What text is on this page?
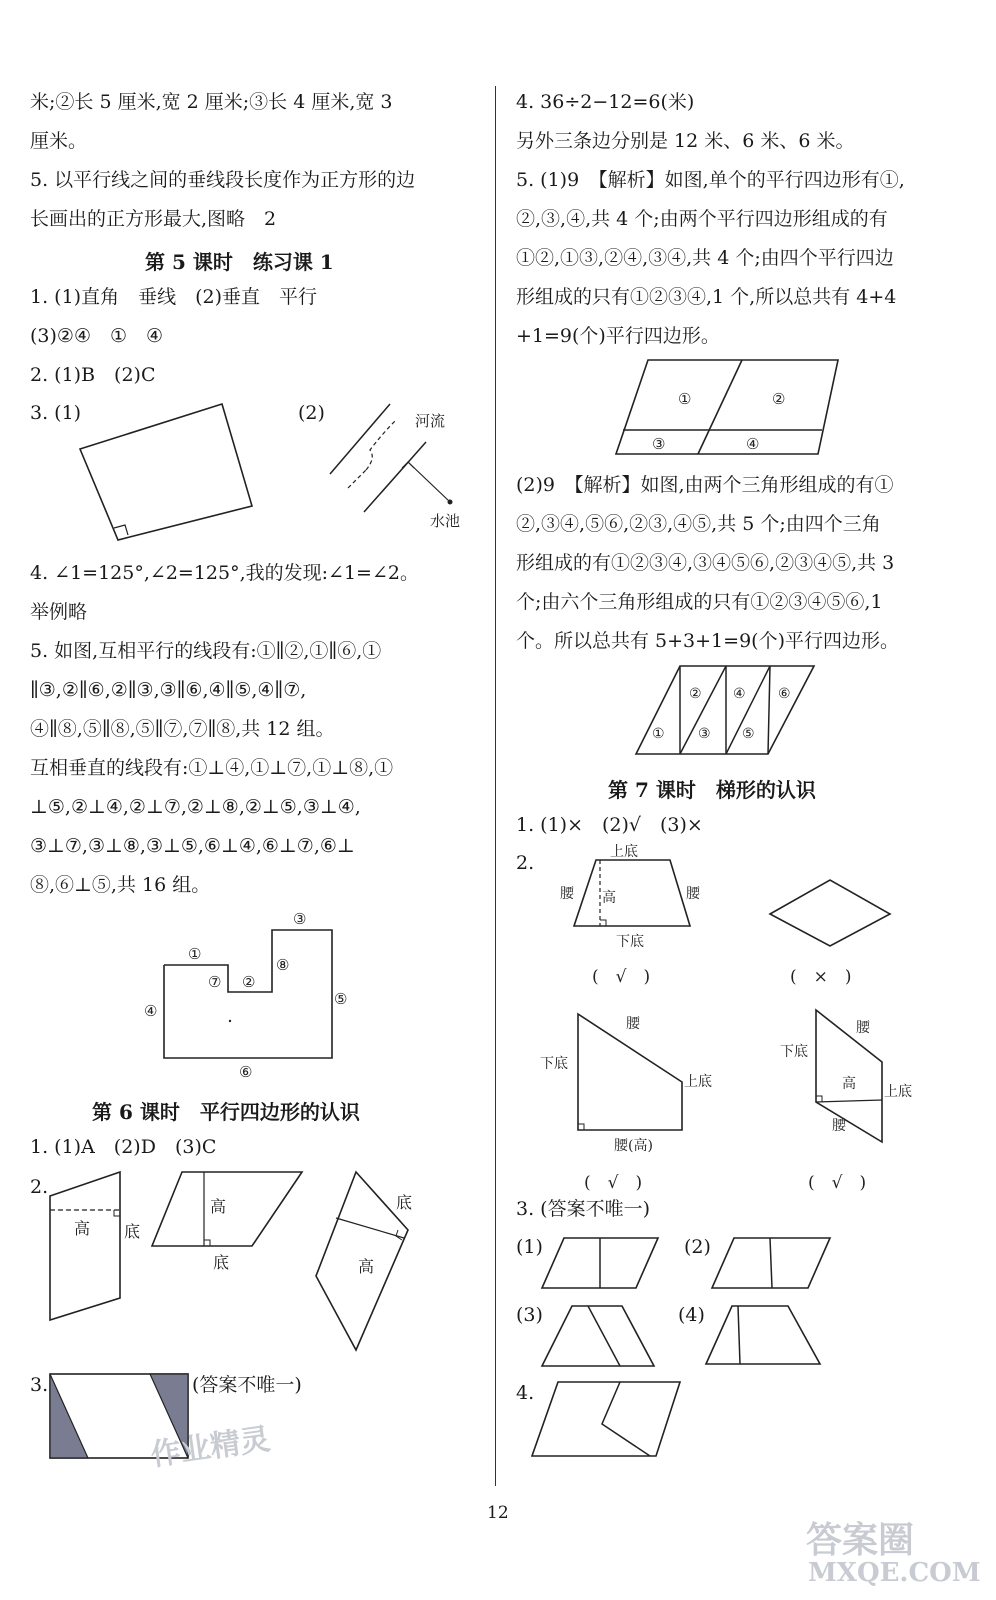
米;②长 5 厘米,宽 2 厘米;③长 4 厘米,宽 3
厘米。
5. 以平行线之间的垂线段长度作为正方形的边
长画出的正方形最大,图略　2
第 5 课时　练习课 1
1. (1)直角　垂线　(2)垂直　平行
(3)②④　①　④
2. (1)B　(2)C
3. (1)	(2)	河流
水池
4. ∠1=125°,∠2=125°,我的发现:∠1=∠2。
举例略
5. 如图,互相平行的线段有:①∥②,①∥⑥,①
∥③,②∥⑥,②∥③,③∥⑥,④∥⑤,④∥⑦,
④∥⑧,⑤∥⑧,⑤∥⑦,⑦∥⑧,共 12 组。
互相垂直的线段有:①⊥④,①⊥⑦,①⊥⑧,①
⊥⑤,②⊥④,②⊥⑦,②⊥⑧,②⊥⑤,③⊥④,
③⊥⑦,③⊥⑧,③⊥⑤,⑥⊥④,⑥⊥⑦,⑥⊥
⑧,⑥⊥⑤,共 16 组。
①
②
③
④
⑤
⑥
⑦
⑧
第 6 课时　平行四边形的认识
1. (1)A　(2)D　(3)C
2.
高 底
高
底
底
高
3.	(答案不唯一)
作业精灵
4. 36÷2−12=6(米)
另外三条边分别是 12 米、6 米、6 米。
5. (1)9　【解析】如图,单个的平行四边形有①,
②,③,④,共 4 个;由两个平行四边形组成的有
①②,①③,②④,③④,共 4 个;由四个平行四边
形组成的只有①②③④,1 个,所以总共有 4+4
+1=9(个)平行四边形。
①	②
③	④
(2)9　【解析】如图,由两个三角形组成的有①
②,③④,⑤⑥,②③,④⑤,共 5 个;由四个三角
形组成的有①②③④,③④⑤⑥,②③④⑤,共 3
个;由六个三角形组成的只有①②③④⑤⑥,1
个。所以总共有 5+3+1=9(个)平行四边形。
①
②
③
④
⑤
⑥
第 7 课时　梯形的认识
1. (1)×　(2)√　(3)×
2.	上底
下底
腰	腰
高
(　√　)	(　×　)
腰
下底
上底
腰(高)
(　√　)
腰
下底
高 上底
腰
(　√　)
3. (答案不唯一)
(1)	(2)
(3)	(4)
4.
12
答案圈
MXQE.COM
